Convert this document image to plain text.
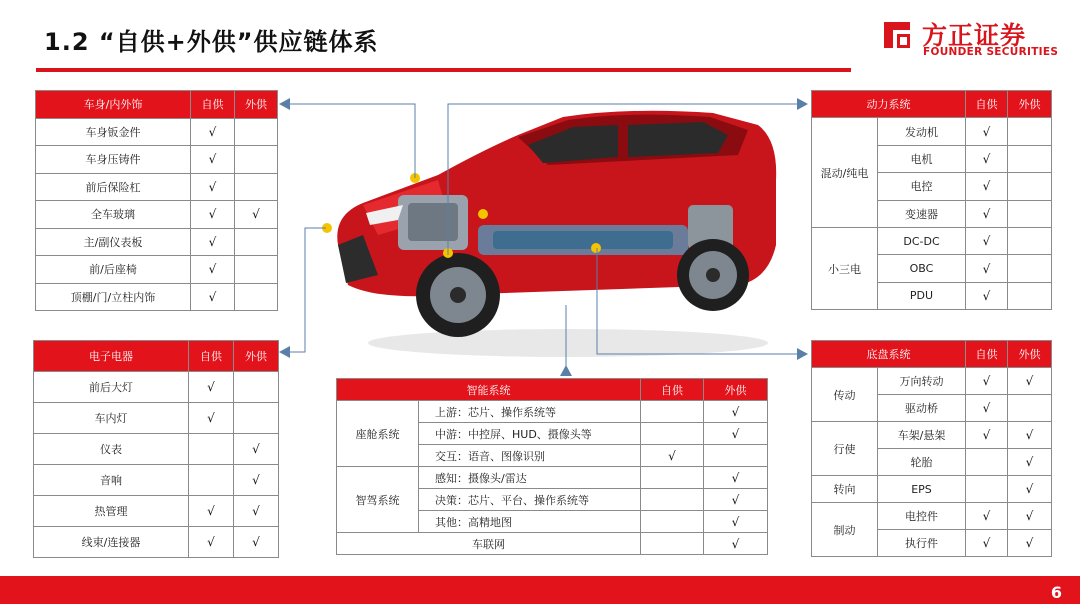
1.2 “自供+外供”供应链体系	方正证券
FOUNDER SECURITIES
车身/内外饰	自供	外供
车身钣金件	√	
车身压铸件	√	
前后保险杠	√	
全车玻璃	√	√
主/副仪表板	√	
前/后座椅	√	
顶棚/门/立柱内饰	√	
电子电器	自供	外供
前后大灯	√	
车内灯	√	
仪表		√
音响		√
热管理	√	√
线束/连接器	√	√
动力系统		自供	外供
混动/纯电	发动机	√	
	电机	√	
	电控	√	
	变速器	√	
小三电	DC-DC	√	
	OBC	√	
	PDU	√	
底盘系统		自供	外供
传动	万向转动	√	√
	驱动桥	√	
行使	车架/悬架	√	√
	轮胎		√
转向	EPS		√
制动	电控件	√	√
	执行件	√	√
智能系统		自供	外供
座舱系统	上游：芯片、操作系统等		√
	中游：中控屏、HUD、摄像头等		√
	交互：语音、图像识别	√	
智驾系统	感知：摄像头/雷达		√
	决策：芯片、平台、操作系统等		√
	其他：高精地图		√
车联网			√
6
